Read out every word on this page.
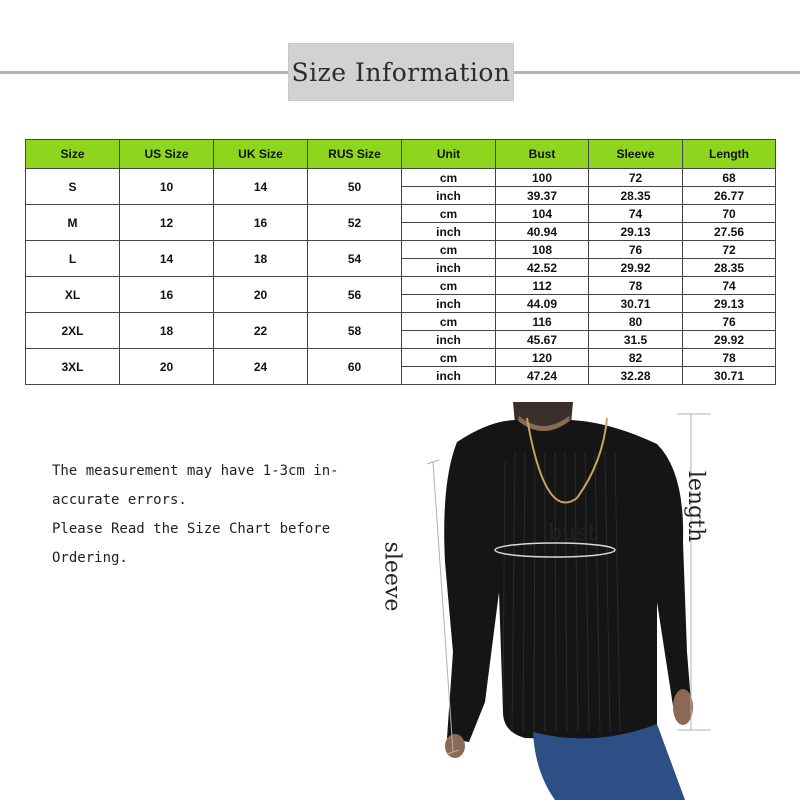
Size Information
Size	US Size	UK Size	RUS Size	Unit	Bust	Sleeve	Length
S	10	14	50	cm	100	72	68
				inch	39.37	28.35	26.77
M	12	16	52	cm	104	74	70
				inch	40.94	29.13	27.56
L	14	18	54	cm	108	76	72
				inch	42.52	29.92	28.35
XL	16	20	56	cm	112	78	74
				inch	44.09	30.71	29.13
2XL	18	22	58	cm	116	80	76
				inch	45.67	31.5	29.92
3XL	20	24	60	cm	120	82	78
				inch	47.24	32.28	30.71
The measurement may have 1-3cm in-
accurate errors.
Please Read the Size Chart before
Ordering.
bust
sleeve
length
